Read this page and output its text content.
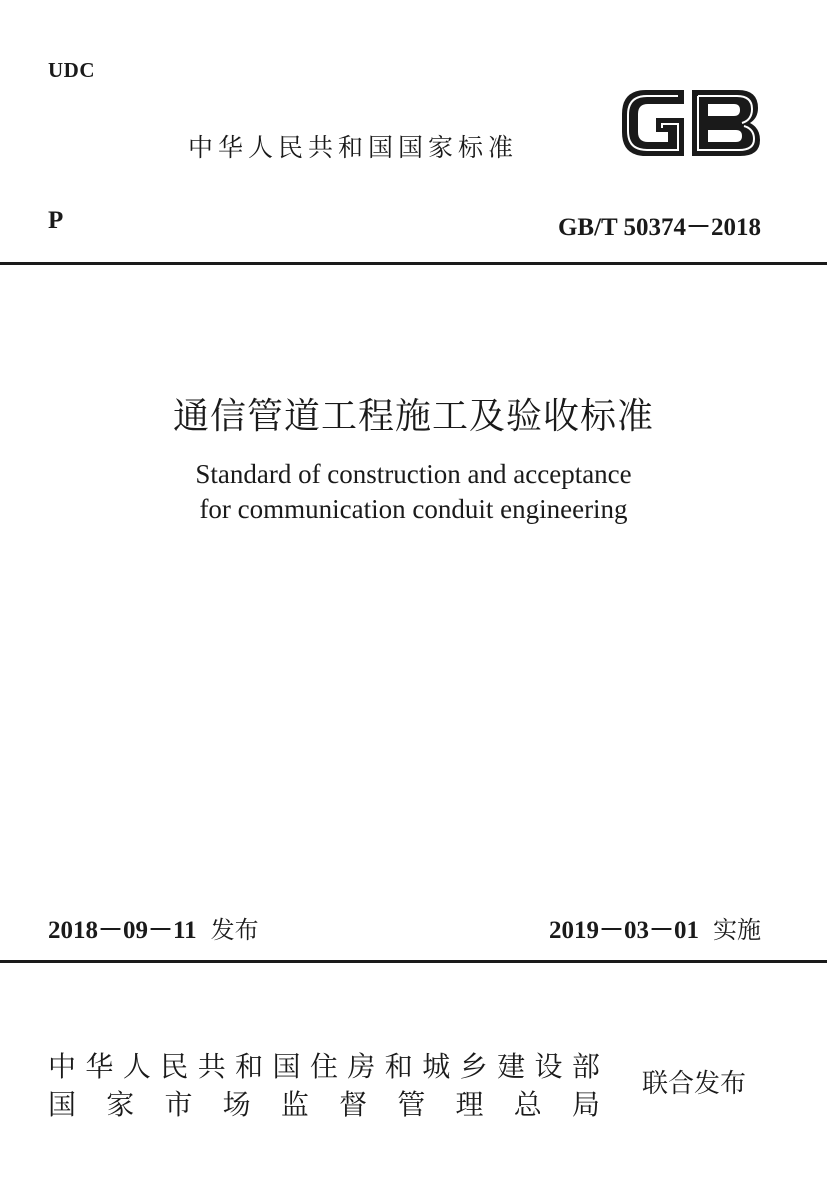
UDC
中华人民共和国国家标准
P	GB/T 50374－2018
通信管道工程施工及验收标准
Standard of construction and acceptance
for communication conduit engineering
2018－09－11 发布	2019－03－01 实施
中 华 人 民 共 和 国 住 房 和 城 乡 建 设 部
国 家 市 场 监 督 管 理 总 局
联合发布
